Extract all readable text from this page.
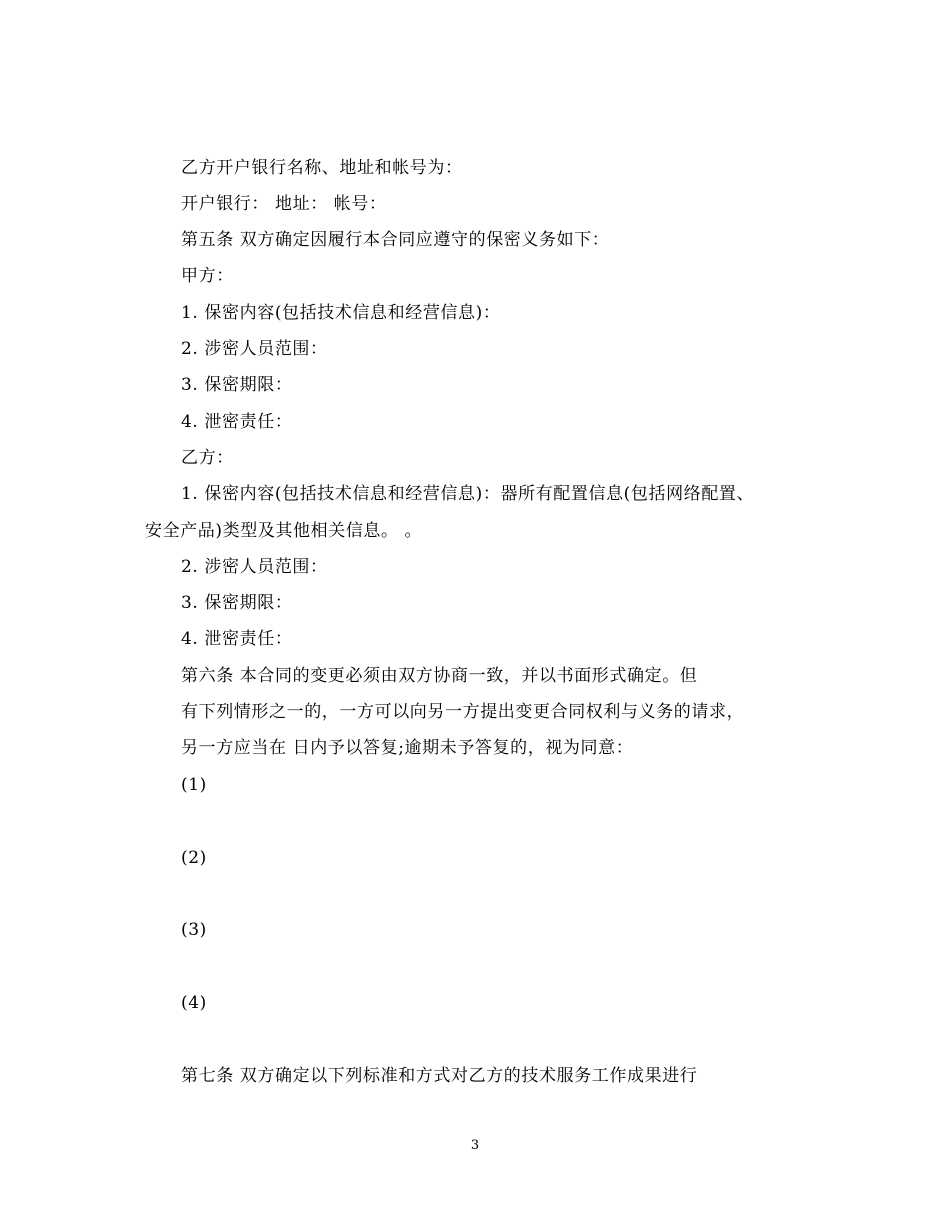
乙方开户银行名称、地址和帐号为：
开户银行： 地址： 帐号：
第五条 双方确定因履行本合同应遵守的保密义务如下：
甲方：
1. 保密内容(包括技术信息和经营信息)：
2. 涉密人员范围：
3. 保密期限：
4. 泄密责任：
乙方：
1. 保密内容(包括技术信息和经营信息)：器所有配置信息(包括网络配置、
安全产品)类型及其他相关信息。 。
2. 涉密人员范围：
3. 保密期限：
4. 泄密责任：
第六条 本合同的变更必须由双方协商一致，并以书面形式确定。但
有下列情形之一的，一方可以向另一方提出变更合同权利与义务的请求，
另一方应当在 日内予以答复;逾期未予答复的，视为同意：
(1)
(2)
(3)
(4)
第七条 双方确定以下列标准和方式对乙方的技术服务工作成果进行
3
